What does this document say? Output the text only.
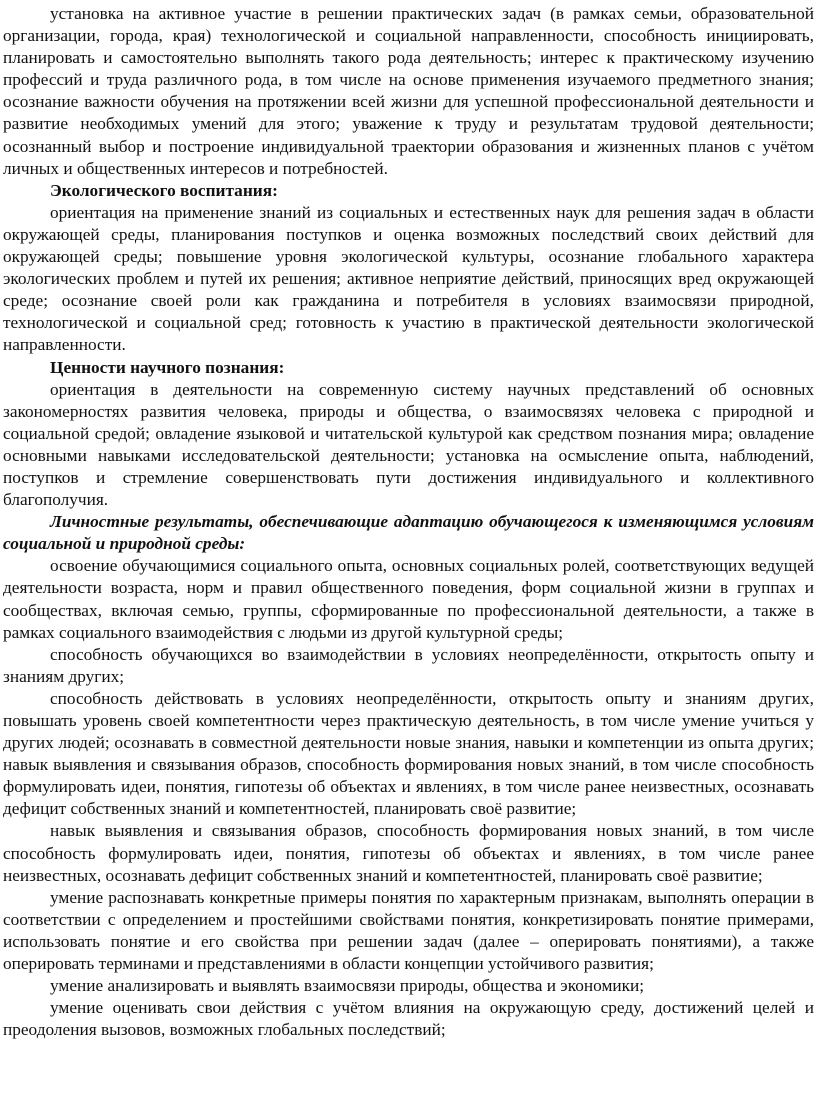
установка на активное участие в решении практических задач (в рамках семьи, образовательной организации, города, края) технологической и социальной направленности, способность инициировать, планировать и самостоятельно выполнять такого рода деятельность; интерес к практическому изучению профессий и труда различного рода, в том числе на основе применения изучаемого предметного знания; осознание важности обучения на протяжении всей жизни для успешной профессиональной деятельности и развитие необходимых умений для этого; уважение к труду и результатам трудовой деятельности; осознанный выбор и построение индивидуальной траектории образования и жизненных планов с учётом личных и общественных интересов и потребностей.

Экологического воспитания:

ориентация на применение знаний из социальных и естественных наук для решения задач в области окружающей среды, планирования поступков и оценка возможных последствий своих действий для окружающей среды; повышение уровня экологической культуры, осознание глобального характера экологических проблем и путей их решения; активное неприятие действий, приносящих вред окружающей среде; осознание своей роли как гражданина и потребителя в условиях взаимосвязи природной, технологической и социальной сред; готовность к участию в практической деятельности экологической направленности.

Ценности научного познания:

ориентация в деятельности на современную систему научных представлений об основных закономерностях развития человека, природы и общества, о взаимосвязях человека с природной и социальной средой; овладение языковой и читательской культурой как средством познания мира; овладение основными навыками исследовательской деятельности; установка на осмысление опыта, наблюдений, поступков и стремление совершенствовать пути достижения индивидуального и коллективного благополучия.

Личностные результаты, обеспечивающие адаптацию обучающегося к изменяющимся условиям социальной и природной среды:

освоение обучающимися социального опыта, основных социальных ролей, соответствующих ведущей деятельности возраста, норм и правил общественного поведения, форм социальной жизни в группах и сообществах, включая семью, группы, сформированные по профессиональной деятельности, а также в рамках социального взаимодействия с людьми из другой культурной среды;

способность обучающихся во взаимодействии в условиях неопределённости, открытость опыту и знаниям других;

способность действовать в условиях неопределённости, открытость опыту и знаниям других, повышать уровень своей компетентности через практическую деятельность, в том числе умение учиться у других людей; осознавать в совместной деятельности новые знания, навыки и компетенции из опыта других; навык выявления и связывания образов, способность формирования новых знаний, в том числе способность формулировать идеи, понятия, гипотезы об объектах и явлениях, в том числе ранее неизвестных, осознавать дефицит собственных знаний и компетентностей, планировать своё развитие;

навык выявления и связывания образов, способность формирования новых знаний, в том числе способность формулировать идеи, понятия, гипотезы об объектах и явлениях, в том числе ранее неизвестных, осознавать дефицит собственных знаний и компетентностей, планировать своё развитие;

умение распознавать конкретные примеры понятия по характерным признакам, выполнять операции в соответствии с определением и простейшими свойствами понятия, конкретизировать понятие примерами, использовать понятие и его свойства при решении задач (далее – оперировать понятиями), а также оперировать терминами и представлениями в области концепции устойчивого развития;

умение анализировать и выявлять взаимосвязи природы, общества и экономики;

умение оценивать свои действия с учётом влияния на окружающую среду, достижений целей и преодоления вызовов, возможных глобальных последствий;
